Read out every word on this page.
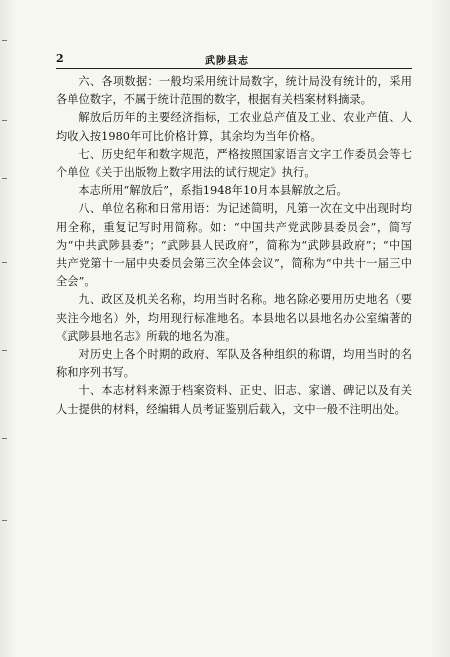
2	武陟县志

六、各项数据：一般均采用统计局数字，统计局没有统计的，采用各单位数字，不属于统计范围的数字，根据有关档案材料摘录。

解放后历年的主要经济指标，工农业总产值及工业、农业产值、人均收入按1980年可比价格计算，其余均为当年价格。

七、历史纪年和数字规范，严格按照国家语言文字工作委员会等七个单位《关于出版物上数字用法的试行规定》执行。

本志所用“解放后”，系指1948年10月本县解放之后。

八、单位名称和日常用语：为记述简明，凡第一次在文中出现时均用全称，重复记写时用简称。如：“中国共产党武陟县委员会”，简写为“中共武陟县委”；“武陟县人民政府”，简称为“武陟县政府”；“中国共产党第十一届中央委员会第三次全体会议”，简称为“中共十一届三中全会”。

九、政区及机关名称，均用当时名称。地名除必要用历史地名（要夹注今地名）外，均用现行标准地名。本县地名以县地名办公室编著的《武陟县地名志》所载的地名为准。

对历史上各个时期的政府、军队及各种组织的称谓，均用当时的名称和序列书写。

十、本志材料来源于档案资料、正史、旧志、家谱、碑记以及有关人士提供的材料，经编辑人员考证鉴别后载入，文中一般不注明出处。
